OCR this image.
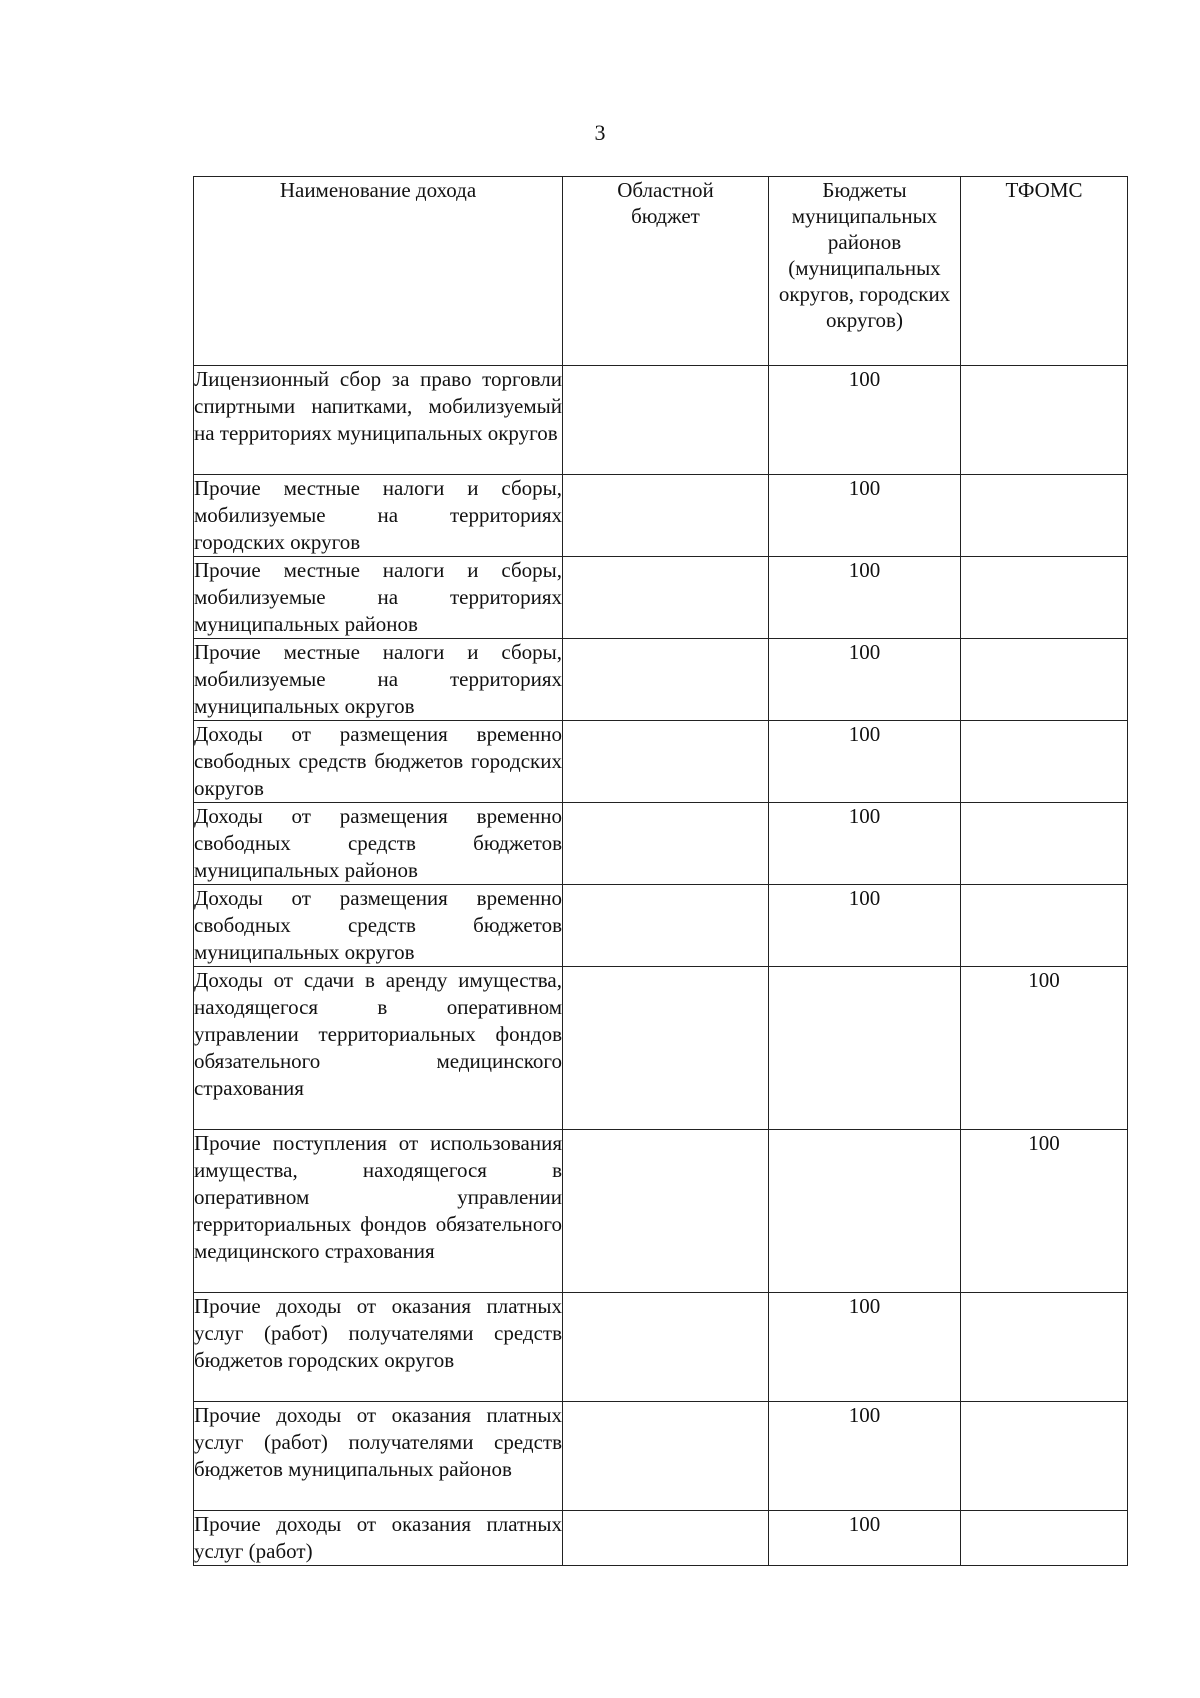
3
Наименование дохода	Областной бюджет	Бюджеты муниципальных районов (муниципальных округов, городских округов)	ТФОМС
Лицензионный сбор за право торговли спиртными напитками, мобилизуемый на территориях муниципальных округов		100	
Прочие местные налоги и сборы, мобилизуемые на территориях городских округов		100	
Прочие местные налоги и сборы, мобилизуемые на территориях муниципальных районов		100	
Прочие местные налоги и сборы, мобилизуемые на территориях муниципальных округов		100	
Доходы от размещения временно свободных средств бюджетов городских округов		100	
Доходы от размещения временно свободных средств бюджетов муниципальных районов		100	
Доходы от размещения временно свободных средств бюджетов муниципальных округов		100	
Доходы от сдачи в аренду имущества, находящегося в оперативном управлении территориальных фондов обязательного медицинского страхования			100
Прочие поступления от использования имущества, находящегося в оперативном управлении территориальных фондов обязательного медицинского страхования			100
Прочие доходы от оказания платных услуг (работ) получателями средств бюджетов городских округов		100	
Прочие доходы от оказания платных услуг (работ) получателями средств бюджетов муниципальных районов		100	
Прочие доходы от оказания платных услуг (работ)		100	
